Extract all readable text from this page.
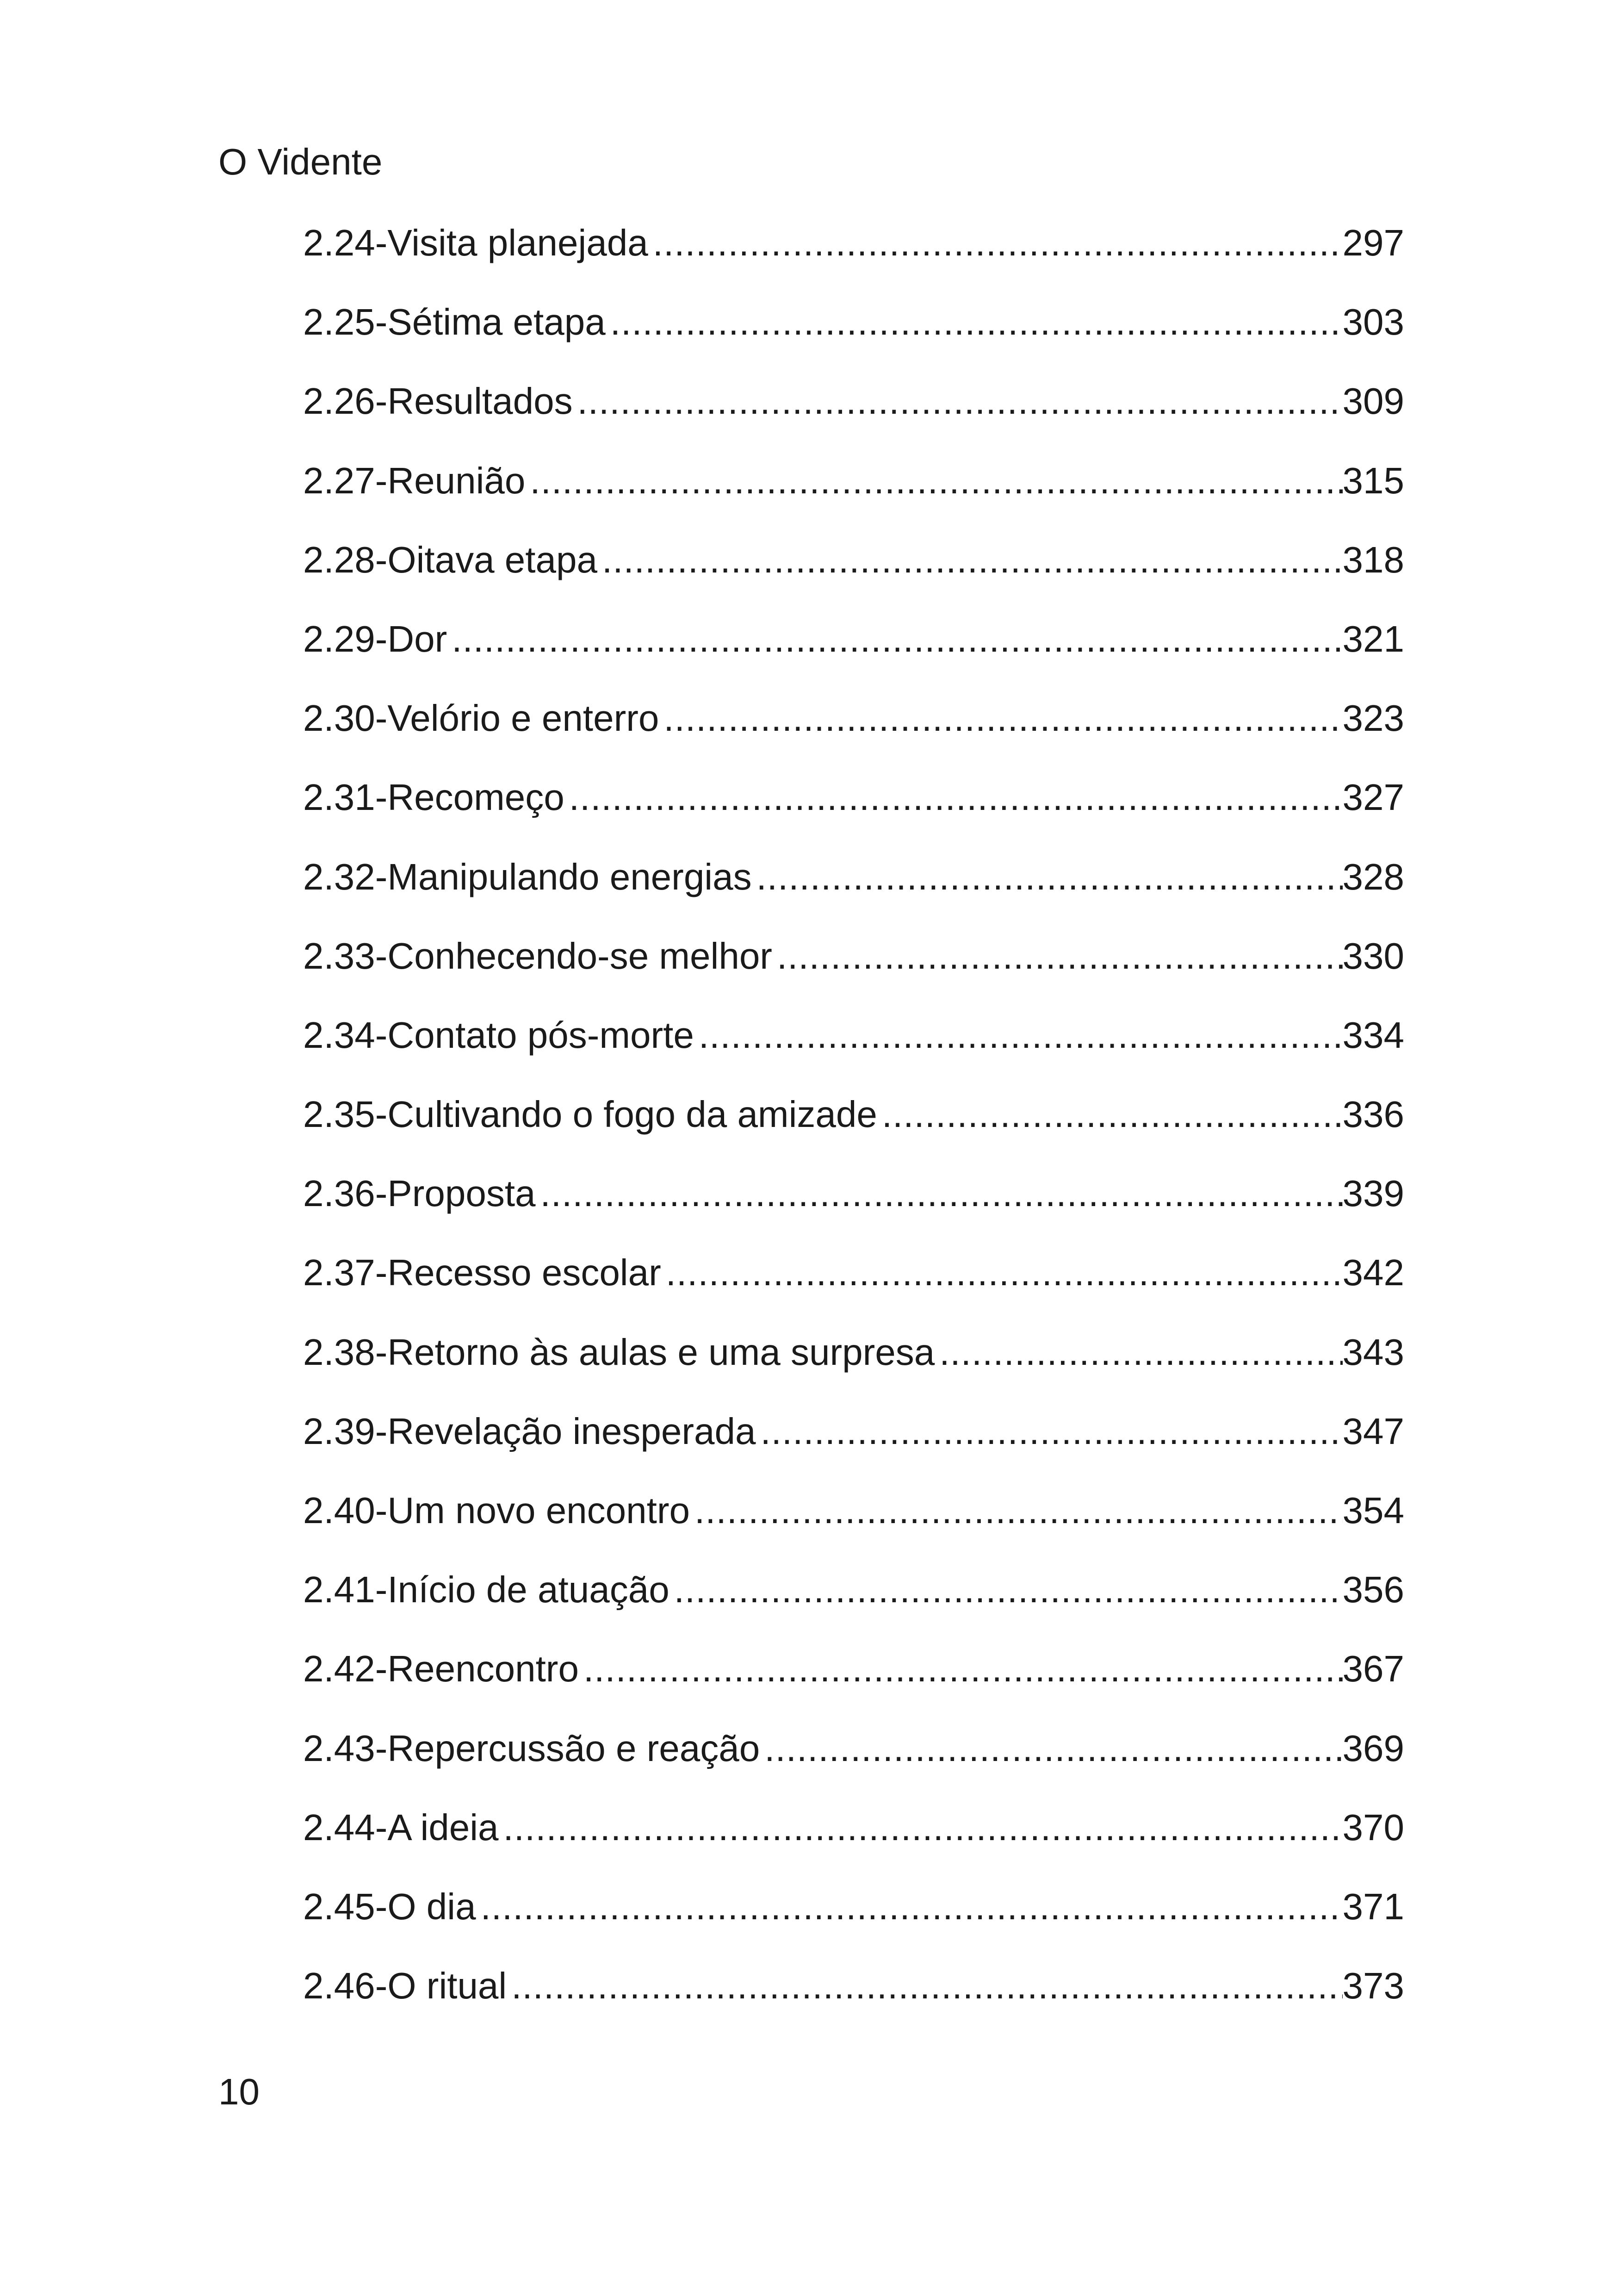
O Vidente
2.24-Visita planejada .....	297
2.25-Sétima etapa .....	303
2.26-Resultados .....	309
2.27-Reunião .....	315
2.28-Oitava etapa .....	318
2.29-Dor .....	321
2.30-Velório e enterro .....	323
2.31-Recomeço .....	327
2.32-Manipulando energias .....	328
2.33-Conhecendo-se melhor .....	330
2.34-Contato pós-morte .....	334
2.35-Cultivando o fogo da amizade .....	336
2.36-Proposta .....	339
2.37-Recesso escolar .....	342
2.38-Retorno às aulas e uma surpresa .....	343
2.39-Revelação inesperada .....	347
2.40-Um novo encontro .....	354
2.41-Início de atuação .....	356
2.42-Reencontro .....	367
2.43-Repercussão e reação .....	369
2.44-A ideia .....	370
2.45-O dia .....	371
2.46-O ritual .....	373
10
